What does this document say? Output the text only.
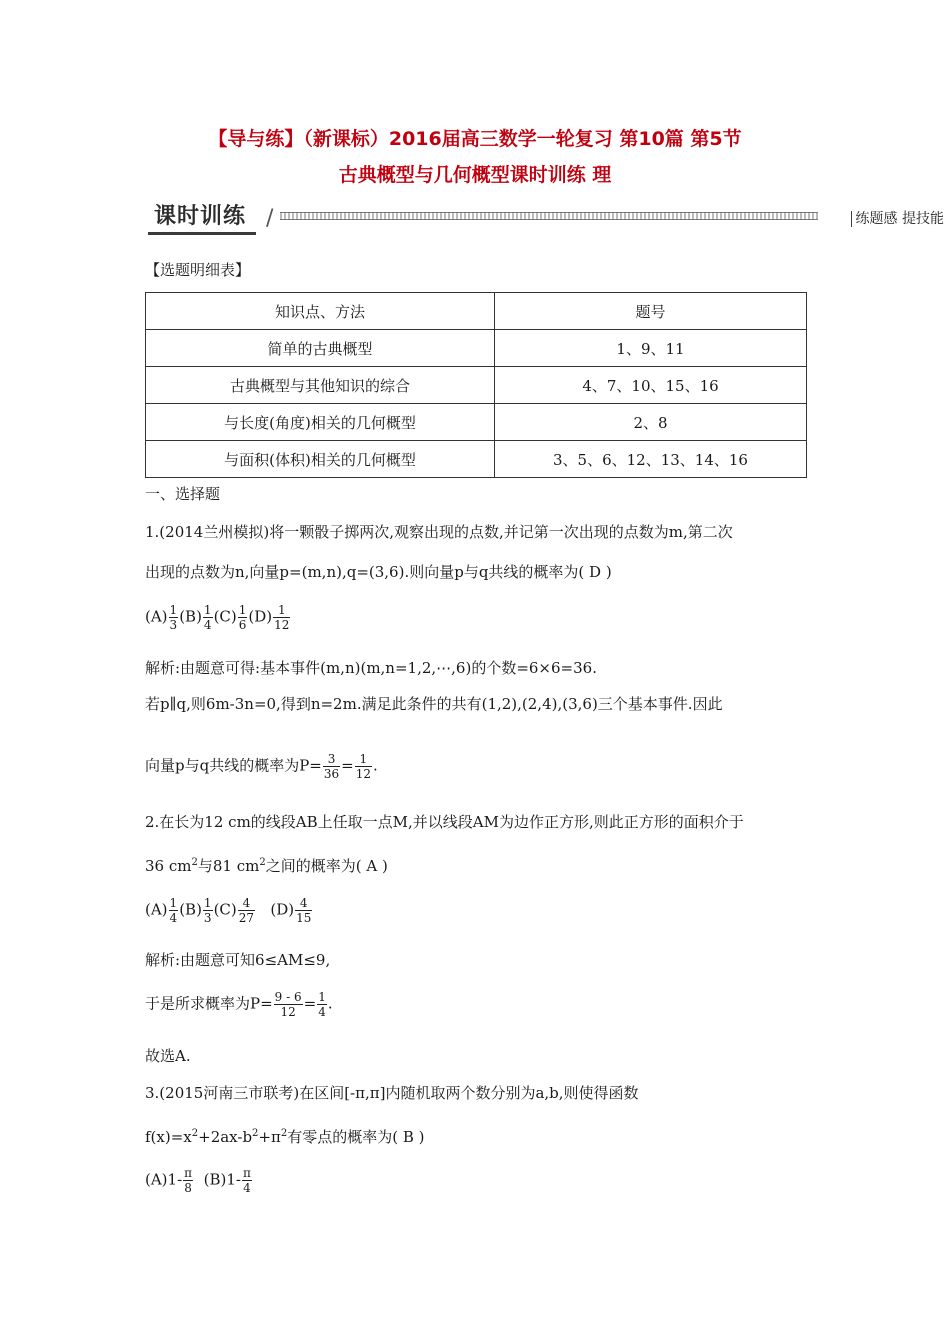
【导与练】（新课标）2016届高三数学一轮复习 第10篇 第5节
古典概型与几何概型课时训练 理
课时训练 /	练题感 提技能
【选题明细表】
知识点、方法	题号
简单的古典概型	1、9、11
古典概型与其他知识的综合	4、7、10、15、16
与长度(角度)相关的几何概型	2、8
与面积(体积)相关的几何概型	3、5、6、12、13、14、16
一、选择题
1.(2014兰州模拟)将一颗骰子掷两次,观察出现的点数,并记第一次出现的点数为m,第二次
出现的点数为n,向量p=(m,n),q=(3,6).则向量p与q共线的概率为( D )
$(A) \frac{1}{3} (B) \frac{1}{4} (C) \frac{1}{6} (D) \frac{1}{12}$
解析:由题意可得:基本事件(m,n)(m,n=1,2,⋯,6)的个数=6×6=36.
若p∥q,则6m-3n=0,得到n=2m.满足此条件的共有(1,2),(2,4),(3,6)三个基本事件.因此
向量p与q共线的概率为$P= \frac{3}{36} = \frac{1}{12}$ .
2.在长为12 cm的线段AB上任取一点M,并以线段AM为边作正方形,则此正方形的面积介于
36 $cm^2$与81 $cm^2$之间的概率为( A )
$(A) \frac{1}{4} (B) \frac{1}{3} (C) \frac{4}{27} (D) \frac{4}{15}$
解析:由题意可知6≤AM≤9,
于是所求概率为$P= \frac{9 - 6}{12} = \frac{1}{4}$ .
故选A.
3.(2015河南三市联考)在区间[-π,π]内随机取两个数分别为a,b,则使得函数
$f(x)=x^2+2ax-b^2+\pi^2$有零点的概率为( B )
$(A)1- \frac{\pi}{8} (B)1- \frac{\pi}{4}$
